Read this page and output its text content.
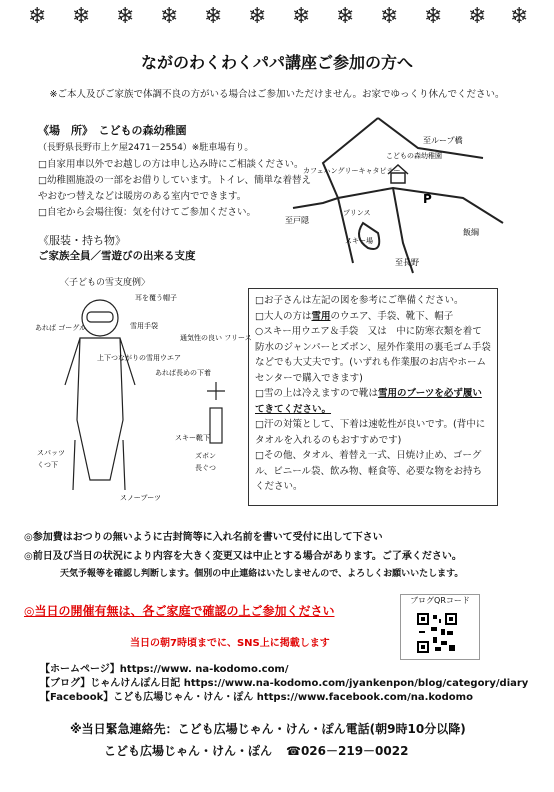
❄ ❄ ❄ ❄ ❄ ❄ ❄ ❄ ❄ ❄ ❄ ❄
ながのわくわくパパ講座ご参加の方へ
※ご本人及びご家族で体調不良の方がいる場合はご参加いただけません。お家でゆっくり休んでください。
《場　所》　こどもの森幼稚園
（長野県長野市上ケ屋2471－2554）※駐車場有り。
□自家用車以外でお越しの方は申し込み時にご相談ください。
□幼稚園施設の一部をお借りしています。トイレ、簡単な着替え
やおむつ替えなどは暖房のある室内でできます。
□自宅から会場往復：気を付けてご参加ください。
至ループ橋
こどもの森幼稚園
カフェハングリーキャタピラー
至戸隠
プリンス
スキー場
飯綱
P
至長野
《服装・持ち物》
ご家族全員／雪遊びの出来る支度
〈子どもの雪支度例〉
耳を覆う帽子
あれば ゴーグル	雪用手袋
上下つながりの雪用ウエア
通気性の良い フリース
あれば長めの下着
スパッツ
くつ下
スノーブーツ
ズボン
長ぐつ
スキー靴下
□お子さんは左記の図を参考にご準備ください。
□大人の方は雪用のウエア、手袋、靴下、帽子
○スキー用ウエア＆手袋　又は　中に防寒衣類を着て防水のジャンパーとズボン、屋外作業用の裏毛ゴム手袋などでも大丈夫です。(いずれも作業服のお店やホームセンターで購入できます)
□雪の上は冷えますので靴は雪用のブーツを必ず履いてきてください。
□汗の対策として、下着は速乾性が良いです。(背中にタオルを入れるのもおすすめです)
□その他、タオル、着替え一式、日焼け止め、ゴーグル、ビニール袋、飲み物、軽食等、必要な物をお持ちください。
◎参加費はおつりの無いように古封筒等に入れ名前を書いて受付に出して下さい
◎前日及び当日の状況により内容を大きく変更又は中止とする場合があります。ご了承ください。
天気予報等を確認し判断します。個別の中止連絡はいたしませんので、よろしくお願いいたします。
◎当日の開催有無は、各ご家庭で確認の上ご参加ください
当日の朝7時頃までに、SNS上に掲載します
ブログQRコード
【ホームページ】https://www. na-kodomo.com/
【ブログ】じゃんけんぽん日記 https://www.na-kodomo.com/jyankenpon/blog/category/diary
【Facebook】こども広場じゃん・けん・ぽん https://www.facebook.com/na.kodomo
※当日緊急連絡先：こども広場じゃん・けん・ぽん電話(朝9時10分以降)
こども広場じゃん・けん・ぽん ☎026－219－0022
